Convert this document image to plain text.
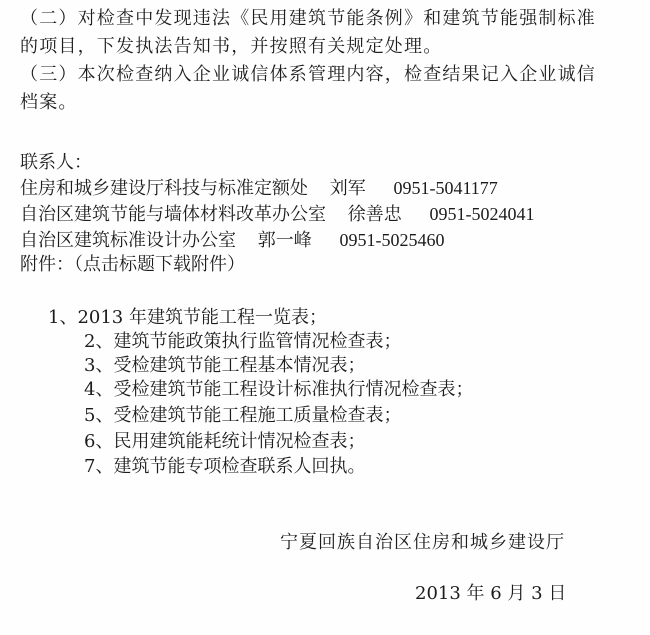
（二）对检查中发现违法《民用建筑节能条例》和建筑节能强制标准
的项目，下发执法告知书，并按照有关规定处理。
（三）本次检查纳入企业诚信体系管理内容，检查结果记入企业诚信
档案。
联系人：
住房和城乡建设厅科技与标准定额处 刘军 0951-5041177
自治区建筑节能与墙体材料改革办公室 徐善忠 0951-5024041
自治区建筑标准设计办公室 郭一峰 0951-5025460
附件：（点击标题下载附件）
1、2013 年建筑节能工程一览表；
2、建筑节能政策执行监管情况检查表；
3、受检建筑节能工程基本情况表；
4、受检建筑节能工程设计标准执行情况检查表；
5、受检建筑节能工程施工质量检查表；
6、民用建筑能耗统计情况检查表；
7、建筑节能专项检查联系人回执。
宁夏回族自治区住房和城乡建设厅
2013 年 6 月 3 日
